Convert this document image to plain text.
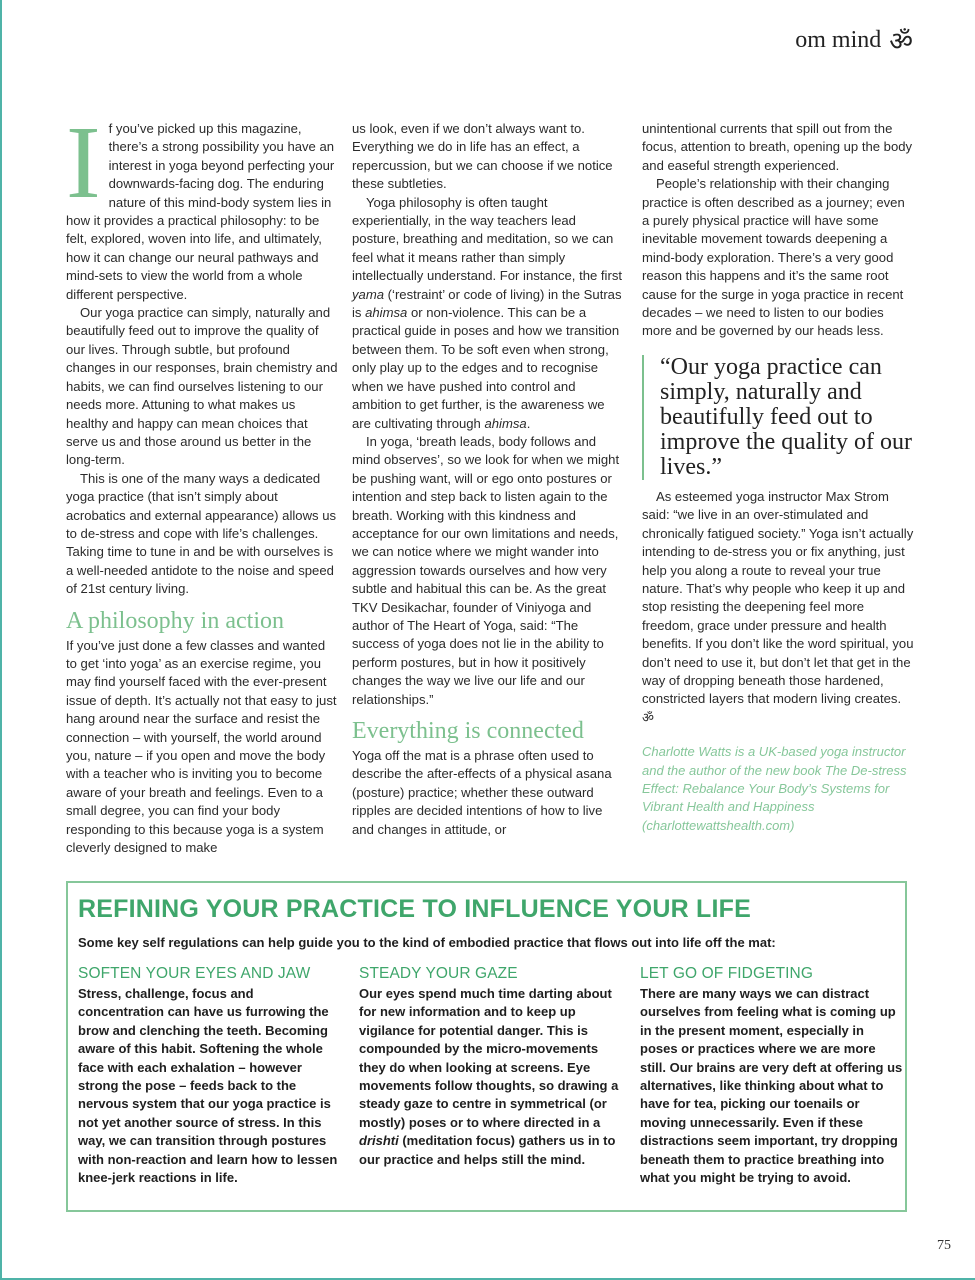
om mind ॐ
I f you’ve picked up this magazine, there’s a strong possibility you have an interest in yoga beyond perfecting your downwards-facing dog. The enduring nature of this mind-body system lies in how it provides a practical philosophy: to be felt, explored, woven into life, and ultimately, how it can change our neural pathways and mind-sets to view the world from a whole different perspective.

Our yoga practice can simply, naturally and beautifully feed out to improve the quality of our lives. Through subtle, but profound changes in our responses, brain chemistry and habits, we can find ourselves listening to our needs more. Attuning to what makes us healthy and happy can mean choices that serve us and those around us better in the long-term.

This is one of the many ways a dedicated yoga practice (that isn’t simply about acrobatics and external appearance) allows us to de-stress and cope with life’s challenges. Taking time to tune in and be with ourselves is a well-needed antidote to the noise and speed of 21st century living.

A philosophy in action

If you’ve just done a few classes and wanted to get ‘into yoga’ as an exercise regime, you may find yourself faced with the ever-present issue of depth. It’s actually not that easy to just hang around near the surface and resist the connection – with yourself, the world around you, nature – if you open and move the body with a teacher who is inviting you to become aware of your breath and feelings. Even to a small degree, you can find your body responding to this because yoga is a system cleverly designed to make

us look, even if we don’t always want to. Everything we do in life has an effect, a repercussion, but we can choose if we notice these subtleties.

Yoga philosophy is often taught experientially, in the way teachers lead posture, breathing and meditation, so we can feel what it means rather than simply intellectually understand. For instance, the first yama (‘restraint’ or code of living) in the Sutras is ahimsa or non-violence. This can be a practical guide in poses and how we transition between them. To be soft even when strong, only play up to the edges and to recognise when we have pushed into control and ambition to get further, is the awareness we are cultivating through ahimsa.

In yoga, ‘breath leads, body follows and mind observes’, so we look for when we might be pushing want, will or ego onto postures or intention and step back to listen again to the breath. Working with this kindness and acceptance for our own limitations and needs, we can notice where we might wander into aggression towards ourselves and how very subtle and habitual this can be. As the great TKV Desikachar, founder of Viniyoga and author of The Heart of Yoga, said: “The success of yoga does not lie in the ability to perform postures, but in how it positively changes the way we live our life and our relationships.”

Everything is connected

Yoga off the mat is a phrase often used to describe the after-effects of a physical asana (posture) practice; whether these outward ripples are decided intentions of how to live and changes in attitude, or

unintentional currents that spill out from the focus, attention to breath, opening up the body and easeful strength experienced.

People’s relationship with their changing practice is often described as a journey; even a purely physical practice will have some inevitable movement towards deepening a mind-body exploration. There’s a very good reason this happens and it’s the same root cause for the surge in yoga practice in recent decades – we need to listen to our bodies more and be governed by our heads less.

“Our yoga practice can simply, naturally and beautifully feed out to improve the quality of our lives.”

As esteemed yoga instructor Max Strom said: “we live in an over-stimulated and chronically fatigued society.” Yoga isn’t actually intending to de-stress you or fix anything, just help you along a route to reveal your true nature. That’s why people who keep it up and stop resisting the deepening feel more freedom, grace under pressure and health benefits. If you don’t like the word spiritual, you don’t need to use it, but don’t let that get in the way of dropping beneath those hardened, constricted layers that modern living creates. ॐ

Charlotte Watts is a UK-based yoga instructor and the author of the new book The De-stress Effect: Rebalance Your Body’s Systems for Vibrant Health and Happiness (charlottewattshealth.com)

REFINING YOUR PRACTICE TO INFLUENCE YOUR LIFE
Some key self regulations can help guide you to the kind of embodied practice that flows out into life off the mat:
SOFTEN YOUR EYES AND JAW
Stress, challenge, focus and concentration can have us furrowing the brow and clenching the teeth. Becoming aware of this habit. Softening the whole face with each exhalation – however strong the pose – feeds back to the nervous system that our yoga practice is not yet another source of stress. In this way, we can transition through postures with non-reaction and learn how to lessen knee-jerk reactions in life.
STEADY YOUR GAZE
Our eyes spend much time darting about for new information and to keep up vigilance for potential danger. This is compounded by the micro-movements they do when looking at screens. Eye movements follow thoughts, so drawing a steady gaze to centre in symmetrical (or mostly) poses or to where directed in a drishti (meditation focus) gathers us in to our practice and helps still the mind.
LET GO OF FIDGETING
There are many ways we can distract ourselves from feeling what is coming up in the present moment, especially in poses or practices where we are more still. Our brains are very deft at offering us alternatives, like thinking about what to have for tea, picking our toenails or moving unnecessarily. Even if these distractions seem important, try dropping beneath them to practice breathing into what you might be trying to avoid.
75
